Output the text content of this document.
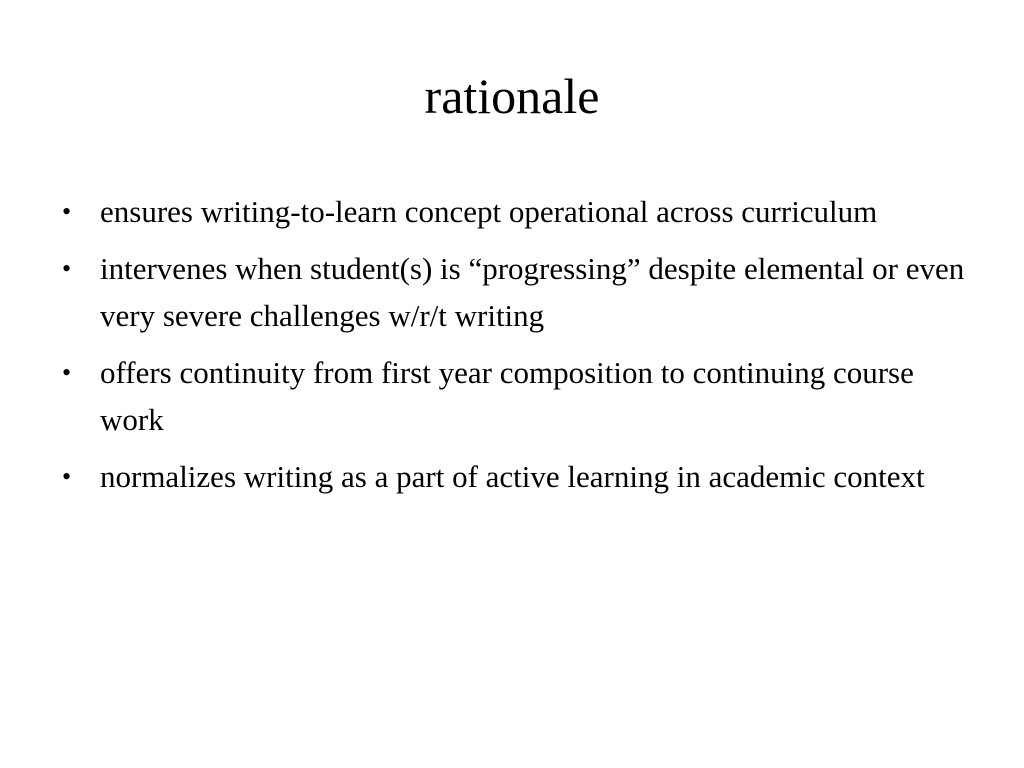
rationale
• ensures writing-to-learn concept operational across curriculum
• intervenes when student(s) is “progressing” despite elemental or even very severe challenges w/r/t writing
• offers continuity from first year composition to continuing course work
• normalizes writing as a part of active learning in academic context
